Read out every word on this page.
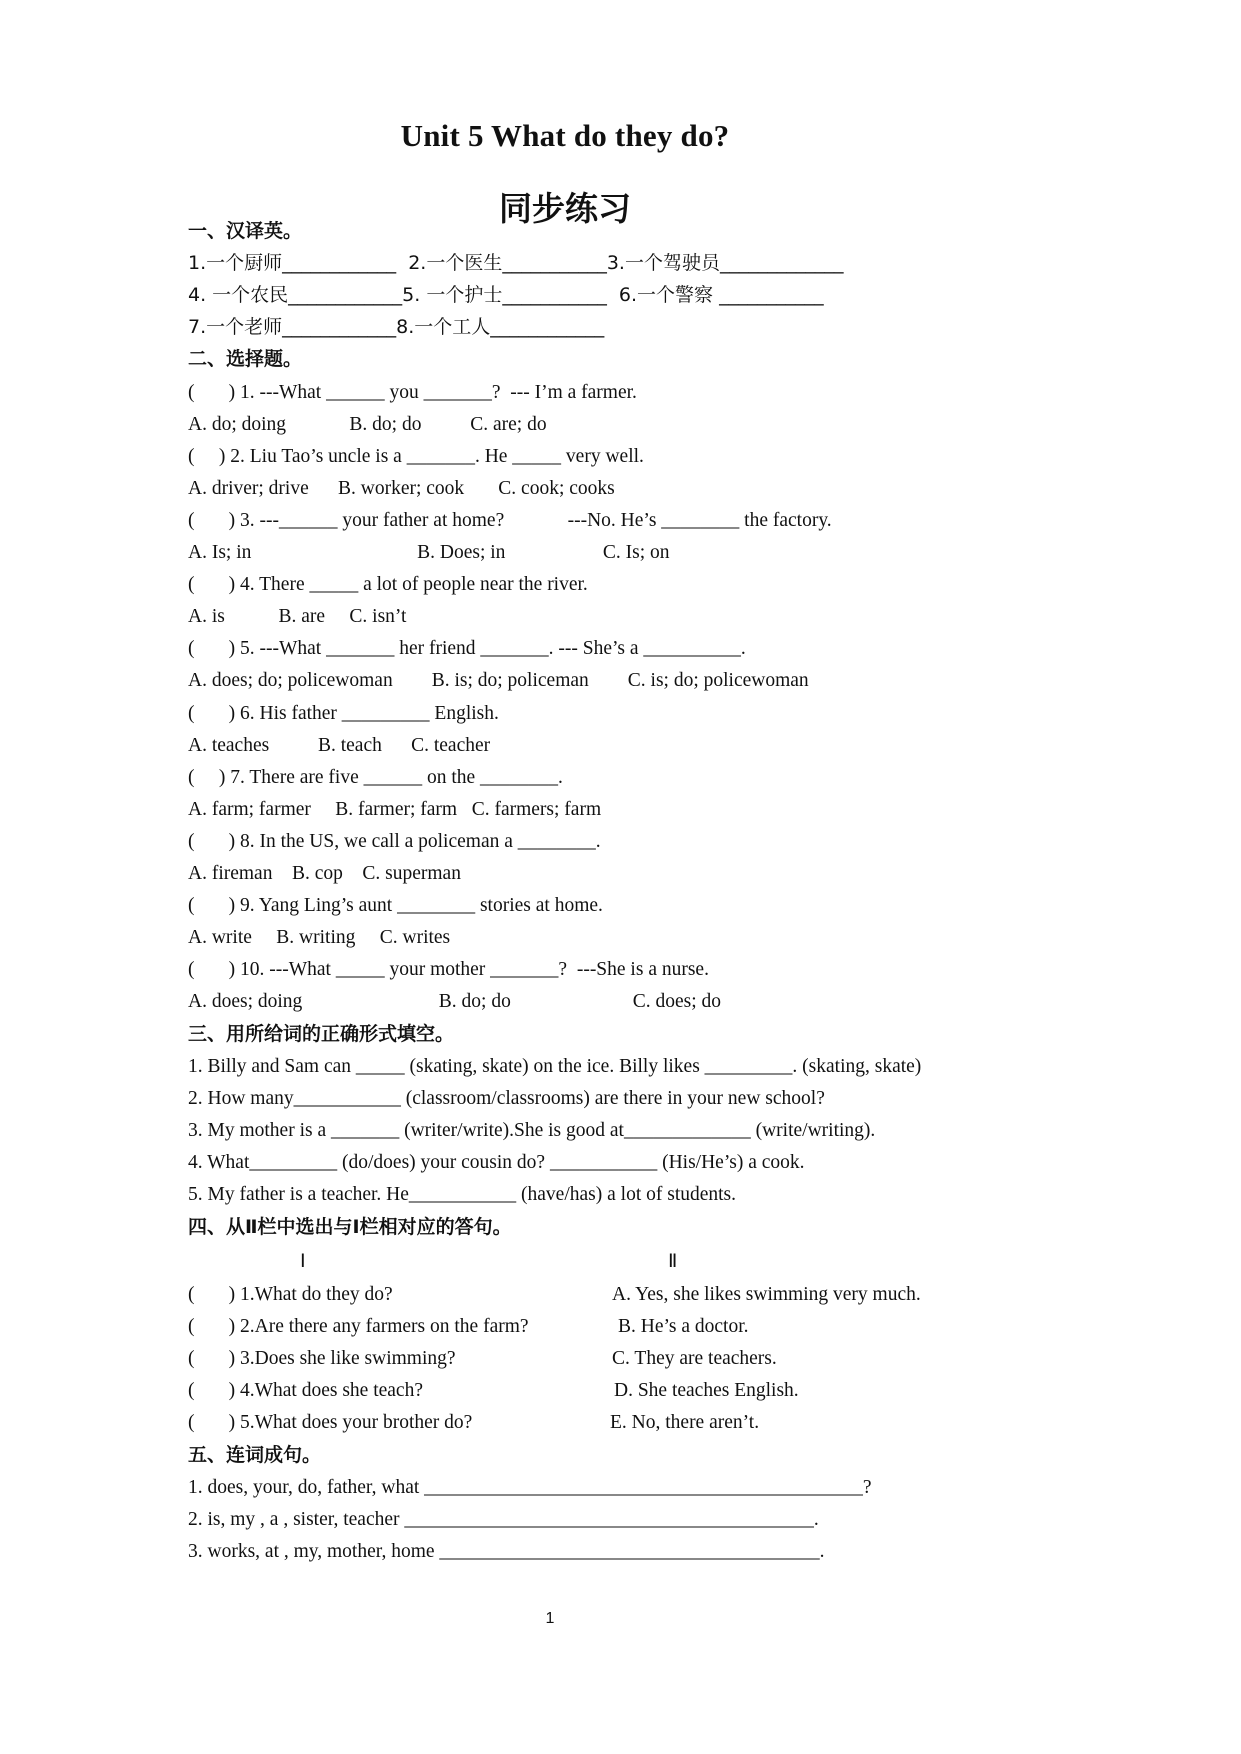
Unit 5 What do they do?
同步练习
一、汉译英。
1.一个厨师____________  2.一个医生___________3.一个驾驶员_____________
4. 一个农民____________5. 一个护士___________  6.一个警察 ___________
7.一个老师____________8.一个工人____________
二、选择题。
(       ) 1. ---What ______ you _______?  --- I’m a farmer.
A. do; doing             B. do; do          C. are; do
(     ) 2. Liu Tao’s uncle is a _______. He _____ very well.
A. driver; drive      B. worker; cook       C. cook; cooks
(       ) 3. ---______ your father at home?             ---No. He’s ________ the factory.
A. Is; in                                  B. Does; in                    C. Is; on
(       ) 4. There _____ a lot of people near the river.
A. is           B. are     C. isn’t
(       ) 5. ---What _______ her friend _______. --- She’s a __________.
A. does; do; policewoman        B. is; do; policeman        C. is; do; policewoman
(       ) 6. His father _________ English.
A. teaches          B. teach      C. teacher
(     ) 7. There are five ______ on the ________.
A. farm; farmer     B. farmer; farm   C. farmers; farm
(       ) 8. In the US, we call a policeman a ________.
A. fireman    B. cop    C. superman
(       ) 9. Yang Ling’s aunt ________ stories at home.
A. write     B. writing     C. writes
(       ) 10. ---What _____ your mother _______?  ---She is a nurse.
A. does; doing                            B. do; do                         C. does; do
三、用所给词的正确形式填空。
1. Billy and Sam can _____ (skating, skate) on the ice. Billy likes _________. (skating, skate)
2. How many___________ (classroom/classrooms) are there in your new school?
3. My mother is a _______ (writer/write).She is good at_____________ (write/writing).
4. What_________ (do/does) your cousin do? ___________ (His/He’s) a cook.
5. My father is a teacher. He___________ (have/has) a lot of students.
四、从Ⅱ栏中选出与Ⅰ栏相对应的答句。
Ⅰ	Ⅱ
(       ) 1.What do they do?	A. Yes, she likes swimming very much.
(       ) 2.Are there any farmers on the farm?	B. He’s a doctor.
(       ) 3.Does she like swimming?	C. They are teachers.
(       ) 4.What does she teach?	D. She teaches English.
(       ) 5.What does your brother do?	E. No, there aren’t.
五、连词成句。
1. does, your, do, father, what _____________________________________________?
2. is, my , a , sister, teacher __________________________________________.
3. works, at , my, mother, home _______________________________________.
1
